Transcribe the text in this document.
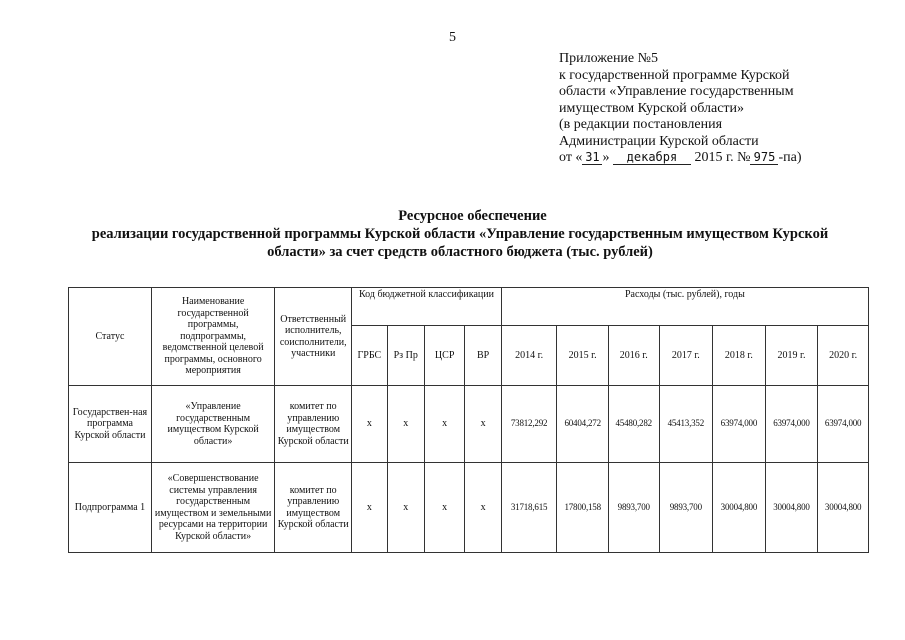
5
Приложение №5
к государственной программе Курской
области «Управление государственным
имуществом Курской области»
(в редакции постановления
Администрации Курской области
от « 31 » декабря 2015 г. № 975 -па)
Ресурсное обеспечение
реализации государственной программы Курской области «Управление государственным имуществом Курской
области» за счет средств областного бюджета (тыс. рублей)
Статус	Наименование государственной программы, подпрограммы, ведомственной целевой программы, основного мероприятия	Ответственный исполнитель, соисполнители, участники	Код бюджетной классификации				Расходы (тыс. рублей), годы						
			ГРБС	Рз Пр	ЦСР	ВР	2014 г.	2015 г.	2016 г.	2017 г.	2018 г.	2019 г.	2020 г.
Государствен-ная программа Курской области	«Управление государственным имуществом Курской области»	комитет по управлению имуществом Курской области	х	х	х	х	73812,292	60404,272	45480,282	45413,352	63974,000	63974,000	63974,000
Подпрограмма 1	«Совершенствование системы управления государственным имуществом и земельными ресурсами на территории Курской области»	комитет по управлению имуществом Курской области	х	х	х	х	31718,615	17800,158	9893,700	9893,700	30004,800	30004,800	30004,800
